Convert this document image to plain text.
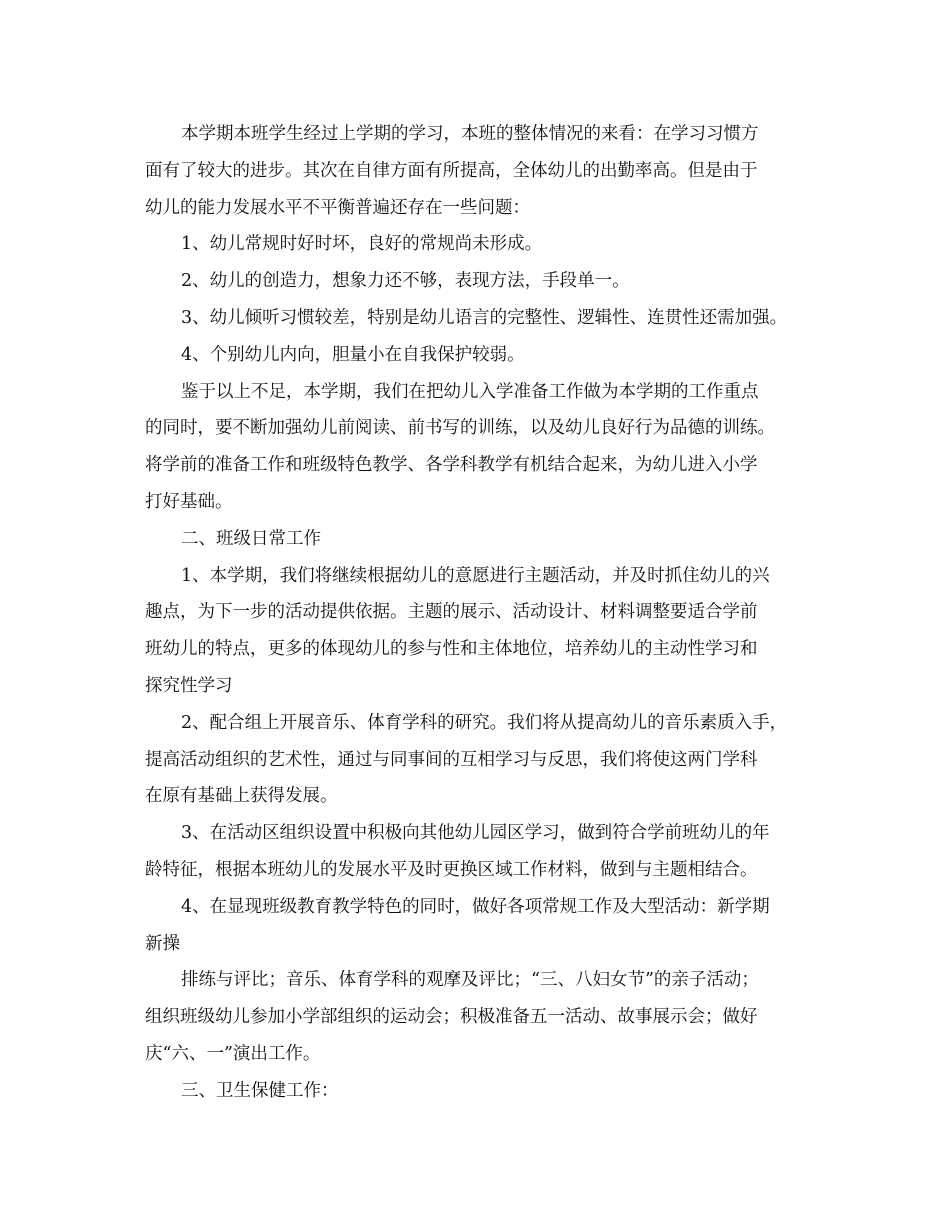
本学期本班学生经过上学期的学习，本班的整体情况的来看：在学习习惯方
面有了较大的进步。其次在自律方面有所提高，全体幼儿的出勤率高。但是由于
幼儿的能力发展水平不平衡普遍还存在一些问题：
1、幼儿常规时好时坏，良好的常规尚未形成。
2、幼儿的创造力，想象力还不够，表现方法，手段单一。
3、幼儿倾听习惯较差，特别是幼儿语言的完整性、逻辑性、连贯性还需加强。
4、个别幼儿内向，胆量小在自我保护较弱。
鉴于以上不足，本学期，我们在把幼儿入学准备工作做为本学期的工作重点
的同时，要不断加强幼儿前阅读、前书写的训练，以及幼儿良好行为品德的训练。
将学前的准备工作和班级特色教学、各学科教学有机结合起来，为幼儿进入小学
打好基础。
二、班级日常工作
1、本学期，我们将继续根据幼儿的意愿进行主题活动，并及时抓住幼儿的兴
趣点，为下一步的活动提供依据。主题的展示、活动设计、材料调整要适合学前
班幼儿的特点，更多的体现幼儿的参与性和主体地位，培养幼儿的主动性学习和
探究性学习
2、配合组上开展音乐、体育学科的研究。我们将从提高幼儿的音乐素质入手，
提高活动组织的艺术性，通过与同事间的互相学习与反思，我们将使这两门学科
在原有基础上获得发展。
3、在活动区组织设置中积极向其他幼儿园区学习，做到符合学前班幼儿的年
龄特征，根据本班幼儿的发展水平及时更换区域工作材料，做到与主题相结合。
4、在显现班级教育教学特色的同时，做好各项常规工作及大型活动：新学期
新操
排练与评比；音乐、体育学科的观摩及评比；“三、八妇女节”的亲子活动；
组织班级幼儿参加小学部组织的运动会；积极准备五一活动、故事展示会；做好
庆“六、一”演出工作。
三、卫生保健工作：
